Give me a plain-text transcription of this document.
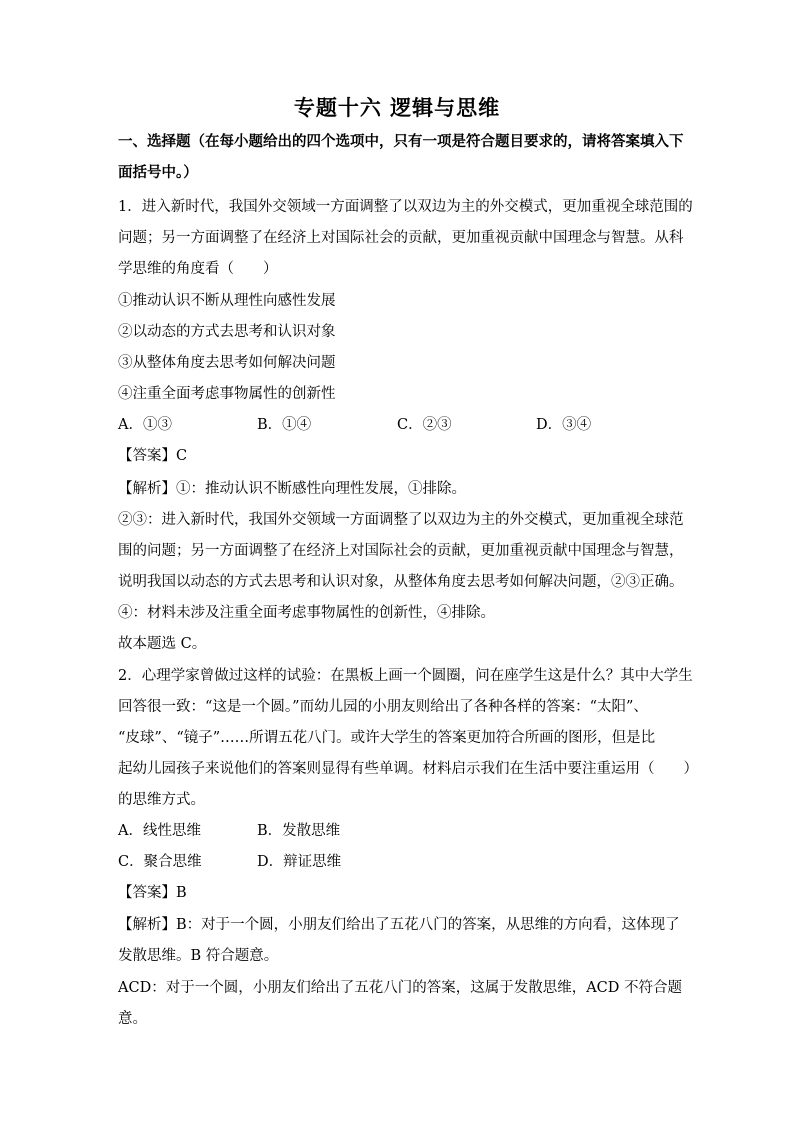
专题十六 逻辑与思维
一、选择题（在每小题给出的四个选项中，只有一项是符合题目要求的，请将答案填入下
面括号中。）
1．进入新时代，我国外交领域一方面调整了以双边为主的外交模式，更加重视全球范围的
问题；另一方面调整了在经济上对国际社会的贡献，更加重视贡献中国理念与智慧。从科
学思维的角度看（　　）
①推动认识不断从理性向感性发展
②以动态的方式去思考和认识对象
③从整体角度去思考如何解决问题
④注重全面考虑事物属性的创新性
A．①③	B．①④	C．②③	D．③④
【答案】C
【解析】①：推动认识不断感性向理性发展，①排除。
②③：进入新时代，我国外交领域一方面调整了以双边为主的外交模式，更加重视全球范
围的问题；另一方面调整了在经济上对国际社会的贡献，更加重视贡献中国理念与智慧，
说明我国以动态的方式去思考和认识对象，从整体角度去思考如何解决问题，②③正确。
④：材料未涉及注重全面考虑事物属性的创新性，④排除。
故本题选 C。
2．心理学家曾做过这样的试验：在黑板上画一个圆圈，问在座学生这是什么？其中大学生
回答很一致：“这是一个圆。”而幼儿园的小朋友则给出了各种各样的答案：“太阳”、
“皮球”、“镜子”……所谓五花八门。或许大学生的答案更加符合所画的图形，但是比
起幼儿园孩子来说他们的答案则显得有些单调。材料启示我们在生活中要注重运用（　　）
的思维方式。
A．线性思维	B．发散思维
C．聚合思维	D．辩证思维
【答案】B
【解析】B：对于一个圆，小朋友们给出了五花八门的答案，从思维的方向看，这体现了
发散思维。B 符合题意。
ACD：对于一个圆，小朋友们给出了五花八门的答案，这属于发散思维，ACD 不符合题
意。
